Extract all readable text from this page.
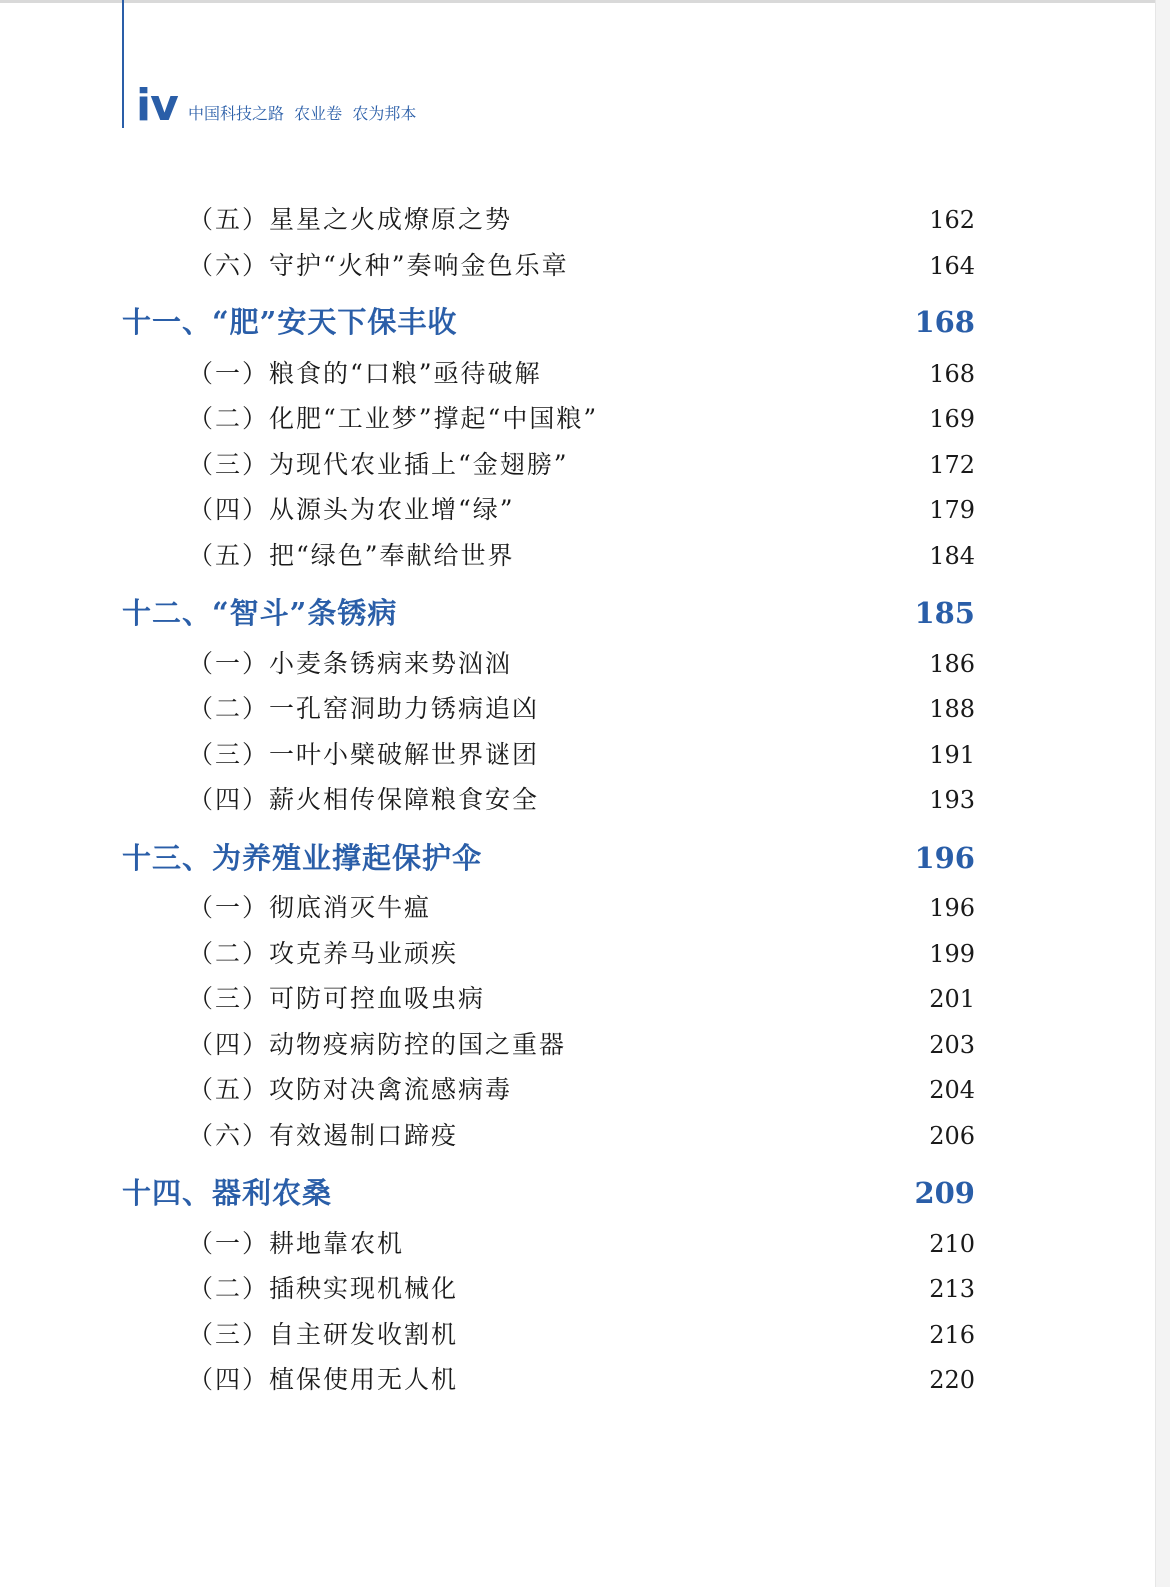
iv 中国科技之路  农业卷  农为邦本
（五）星星之火成燎原之势	162
（六）守护“火种”奏响金色乐章	164
十一、“肥”安天下保丰收	168
（一）粮食的“口粮”亟待破解	168
（二）化肥“工业梦”撑起“中国粮”	169
（三）为现代农业插上“金翅膀”	172
（四）从源头为农业增“绿”	179
（五）把“绿色”奉献给世界	184
十二、“智斗”条锈病	185
（一）小麦条锈病来势汹汹	186
（二）一孔窑洞助力锈病追凶	188
（三）一叶小檗破解世界谜团	191
（四）薪火相传保障粮食安全	193
十三、为养殖业撑起保护伞	196
（一）彻底消灭牛瘟	196
（二）攻克养马业顽疾	199
（三）可防可控血吸虫病	201
（四）动物疫病防控的国之重器	203
（五）攻防对决禽流感病毒	204
（六）有效遏制口蹄疫	206
十四、器利农桑	209
（一）耕地靠农机	210
（二）插秧实现机械化	213
（三）自主研发收割机	216
（四）植保使用无人机	220
